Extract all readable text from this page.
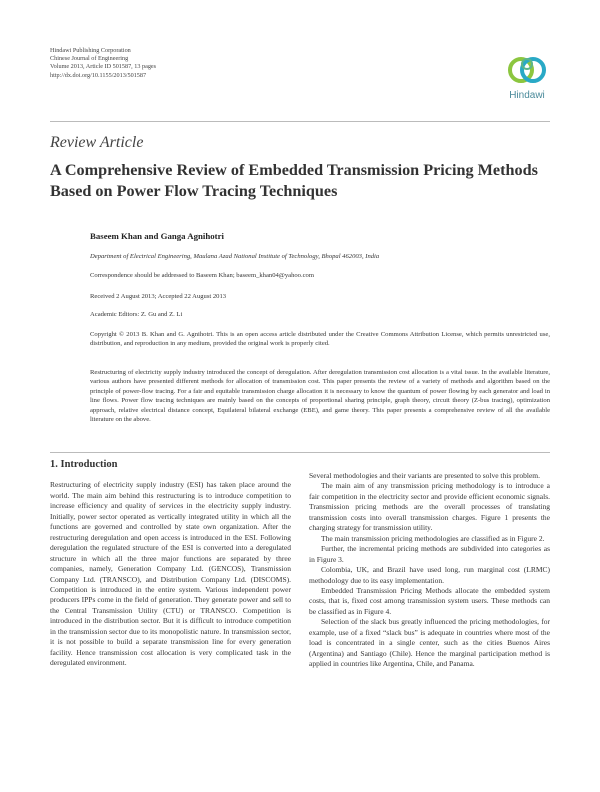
Hindawi Publishing Corporation
Chinese Journal of Engineering
Volume 2013, Article ID 501587, 13 pages
http://dx.doi.org/10.1155/2013/501587
Hindawi
Review Article
A Comprehensive Review of Embedded Transmission Pricing Methods Based on Power Flow Tracing Techniques
Baseem Khan and Ganga Agnihotri
Department of Electrical Engineering, Maulana Azad National Institute of Technology, Bhopal 462003, India
Correspondence should be addressed to Baseem Khan; baseem_khan04@yahoo.com
Received 2 August 2013; Accepted 22 August 2013
Academic Editors: Z. Gu and Z. Li

Copyright © 2013 B. Khan and G. Agnihotri. This is an open access article distributed under the Creative Commons Attribution License, which permits unrestricted use, distribution, and reproduction in any medium, provided the original work is properly cited.

Restructuring of electricity supply industry introduced the concept of deregulation. After deregulation transmission cost allocation is a vital issue. In the available literature, various authors have presented different methods for allocation of transmission cost. This paper presents the review of a variety of methods and algorithm based on the principle of power-flow tracing. For a fair and equitable transmission charge allocation it is necessary to know the quantum of power flowing by each generator and load in line flows. Power flow tracing techniques are mainly based on the concepts of proportional sharing principle, graph theory, circuit theory (Z-bus tracing), optimization approach, relative electrical distance concept, Equilateral bilateral exchange (EBE), and game theory. This paper presents a comprehensive review of all the available literature on the above.

1. Introduction

Restructuring of electricity supply industry (ESI) has taken place around the world. The main aim behind this restructuring is to introduce competition to increase efficiency and quality of services in the electricity supply industry. Initially, power sector operated as vertically integrated utility in which all the functions are governed and controlled by state own organization. After the restructuring deregulation and open access is introduced in the ESI. Following deregulation the regulated structure of the ESI is converted into a deregulated structure in which all the three major functions are separated by three companies, namely, Generation Company Ltd. (GENCOS), Transmission Company Ltd. (TRANSCO), and Distribution Company Ltd. (DISCOMS). Competition is introduced in the entire system. Various independent power producers IPPs come in the field of generation. They generate power and sell to the Central Transmission Utility (CTU) or TRANSCO. Competition is introduced in the distribution sector. But it is difficult to introduce competition in the transmission sector due to its monopolistic nature. In transmission sector, it is not possible to build a separate transmission line for every generation facility. Hence transmission cost allocation is very complicated task in the deregulated environment.

Several methodologies and their variants are presented to solve this problem.

The main aim of any transmission pricing methodology is to introduce a fair competition in the electricity sector and provide efficient economic signals. Transmission pricing methods are the overall processes of translating transmission costs into overall transmission charges. Figure 1 presents the charging strategy for transmission utility.

The main transmission pricing methodologies are classified as in Figure 2.

Further, the incremental pricing methods are subdivided into categories as in Figure 3.

Colombia, UK, and Brazil have used long, run marginal cost (LRMC) methodology due to its easy implementation.

Embedded Transmission Pricing Methods allocate the embedded system costs, that is, fixed cost among transmission system users. These methods can be classified as in Figure 4.

Selection of the slack bus greatly influenced the pricing methodologies, for example, use of a fixed “slack bus” is adequate in countries where most of the load is concentrated in a single center, such as the cities Buenos Aires (Argentina) and Santiago (Chile). Hence the marginal participation method is applied in countries like Argentina, Chile, and Panama.
